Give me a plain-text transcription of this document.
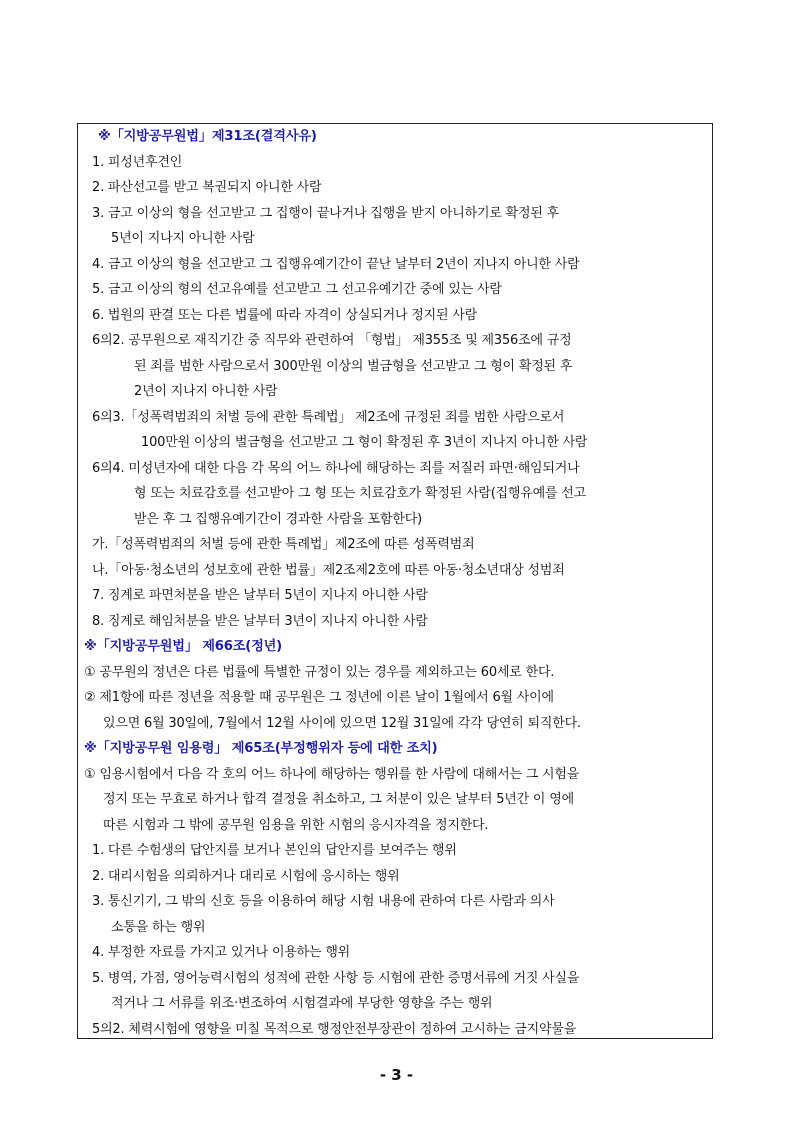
※「지방공무원법」제31조(결격사유)
1. 피성년후견인
2. 파산선고를 받고 복권되지 아니한 사람
3. 금고 이상의 형을 선고받고 그 집행이 끝나거나 집행을 받지 아니하기로 확정된 후
5년이 지나지 아니한 사람
4. 금고 이상의 형을 선고받고 그 집행유예기간이 끝난 날부터 2년이 지나지 아니한 사람
5. 금고 이상의 형의 선고유예를 선고받고 그 선고유예기간 중에 있는 사람
6. 법원의 판결 또는 다른 법률에 따라 자격이 상실되거나 정지된 사람
6의2. 공무원으로 재직기간 중 직무와 관련하여 「형법」 제355조 및 제356조에 규정
된 죄를 범한 사람으로서 300만원 이상의 벌금형을 선고받고 그 형이 확정된 후
2년이 지나지 아니한 사람
6의3.「성폭력범죄의 처벌 등에 관한 특례법」 제2조에 규정된 죄를 범한 사람으로서
100만원 이상의 벌금형을 선고받고 그 형이 확정된 후 3년이 지나지 아니한 사람
6의4. 미성년자에 대한 다음 각 목의 어느 하나에 해당하는 죄를 저질러 파면·해임되거나
형 또는 치료감호를 선고받아 그 형 또는 치료감호가 확정된 사람(집행유예를 선고
받은 후 그 집행유예기간이 경과한 사람을 포함한다)
가.「성폭력범죄의 처벌 등에 관한 특례법」제2조에 따른 성폭력범죄
나.「아동·청소년의 성보호에 관한 법률」제2조제2호에 따른 아동·청소년대상 성범죄
7. 징계로 파면처분을 받은 날부터 5년이 지나지 아니한 사람
8. 징계로 해임처분을 받은 날부터 3년이 지나지 아니한 사람
※「지방공무원법」 제66조(정년)
① 공무원의 정년은 다른 법률에 특별한 규정이 있는 경우를 제외하고는 60세로 한다.
② 제1항에 따른 정년을 적용할 때 공무원은 그 정년에 이른 날이 1월에서 6월 사이에
있으면 6월 30일에, 7월에서 12월 사이에 있으면 12월 31일에 각각 당연히 퇴직한다.
※「지방공무원 임용령」 제65조(부정행위자 등에 대한 조치)
① 임용시험에서 다음 각 호의 어느 하나에 해당하는 행위를 한 사람에 대해서는 그 시험을
정지 또는 무효로 하거나 합격 결정을 취소하고, 그 처분이 있은 날부터 5년간 이 영에
따른 시험과 그 밖에 공무원 임용을 위한 시험의 응시자격을 정지한다.
1. 다른 수험생의 답안지를 보거나 본인의 답안지를 보여주는 행위
2. 대리시험을 의뢰하거나 대리로 시험에 응시하는 행위
3. 통신기기, 그 밖의 신호 등을 이용하여 해당 시험 내용에 관하여 다른 사람과 의사
소통을 하는 행위
4. 부정한 자료를 가지고 있거나 이용하는 행위
5. 병역, 가점, 영어능력시험의 성적에 관한 사항 등 시험에 관한 증명서류에 거짓 사실을
적거나 그 서류를 위조·변조하여 시험결과에 부당한 영향을 주는 행위
5의2. 체력시험에 영향을 미칠 목적으로 행정안전부장관이 정하여 고시하는 금지약물을
- 3 -
